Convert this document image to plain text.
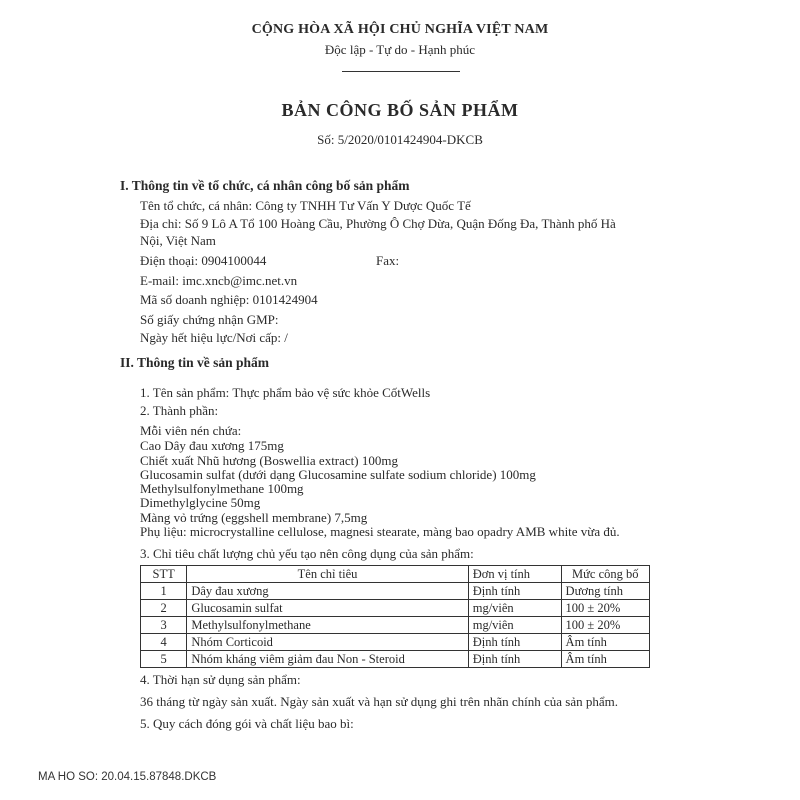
CỘNG HÒA XÃ HỘI CHỦ NGHĨA VIỆT NAM
Độc lập - Tự do - Hạnh phúc
BẢN CÔNG BỐ SẢN PHẨM
Số: 5/2020/0101424904-DKCB
I. Thông tin về tổ chức, cá nhân công bố sản phẩm
Tên tổ chức, cá nhân: Công ty TNHH Tư Vấn Y Dược Quốc Tế
Địa chỉ: Số 9 Lô A Tổ 100 Hoàng Cầu, Phường Ô Chợ Dừa, Quận Đống Đa, Thành phố Hà
Nội, Việt Nam
Điện thoại: 0904100044	Fax:
E-mail: imc.xncb@imc.net.vn
Mã số doanh nghiệp: 0101424904
Số giấy chứng nhận GMP:
Ngày hết hiệu lực/Nơi cấp: /
II. Thông tin về sản phẩm
1. Tên sản phẩm: Thực phẩm bảo vệ sức khỏe CốtWells
2. Thành phần:
Mỗi viên nén chứa:
Cao Dây đau xương 175mg
Chiết xuất Nhũ hương (Boswellia extract) 100mg
Glucosamin sulfat (dưới dạng Glucosamine sulfate sodium chloride) 100mg
Methylsulfonylmethane 100mg
Dimethylglycine 50mg
Màng vỏ trứng (eggshell membrane) 7,5mg
Phụ liệu: microcrystalline cellulose, magnesi stearate, màng bao opadry AMB white vừa đủ.
3. Chỉ tiêu chất lượng chủ yếu tạo nên công dụng của sản phẩm:
STT	Tên chỉ tiêu	Đơn vị tính	Mức công bố
1	Dây đau xương	Định tính	Dương tính
2	Glucosamin sulfat	mg/viên	100 ± 20%
3	Methylsulfonylmethane	mg/viên	100 ± 20%
4	Nhóm Corticoid	Định tính	Âm tính
5	Nhóm kháng viêm giảm đau Non - Steroid	Định tính	Âm tính
4. Thời hạn sử dụng sản phẩm:
36 tháng từ ngày sản xuất. Ngày sản xuất và hạn sử dụng ghi trên nhãn chính của sản phẩm.
5. Quy cách đóng gói và chất liệu bao bì:
MA HO SO: 20.04.15.87848.DKCB
